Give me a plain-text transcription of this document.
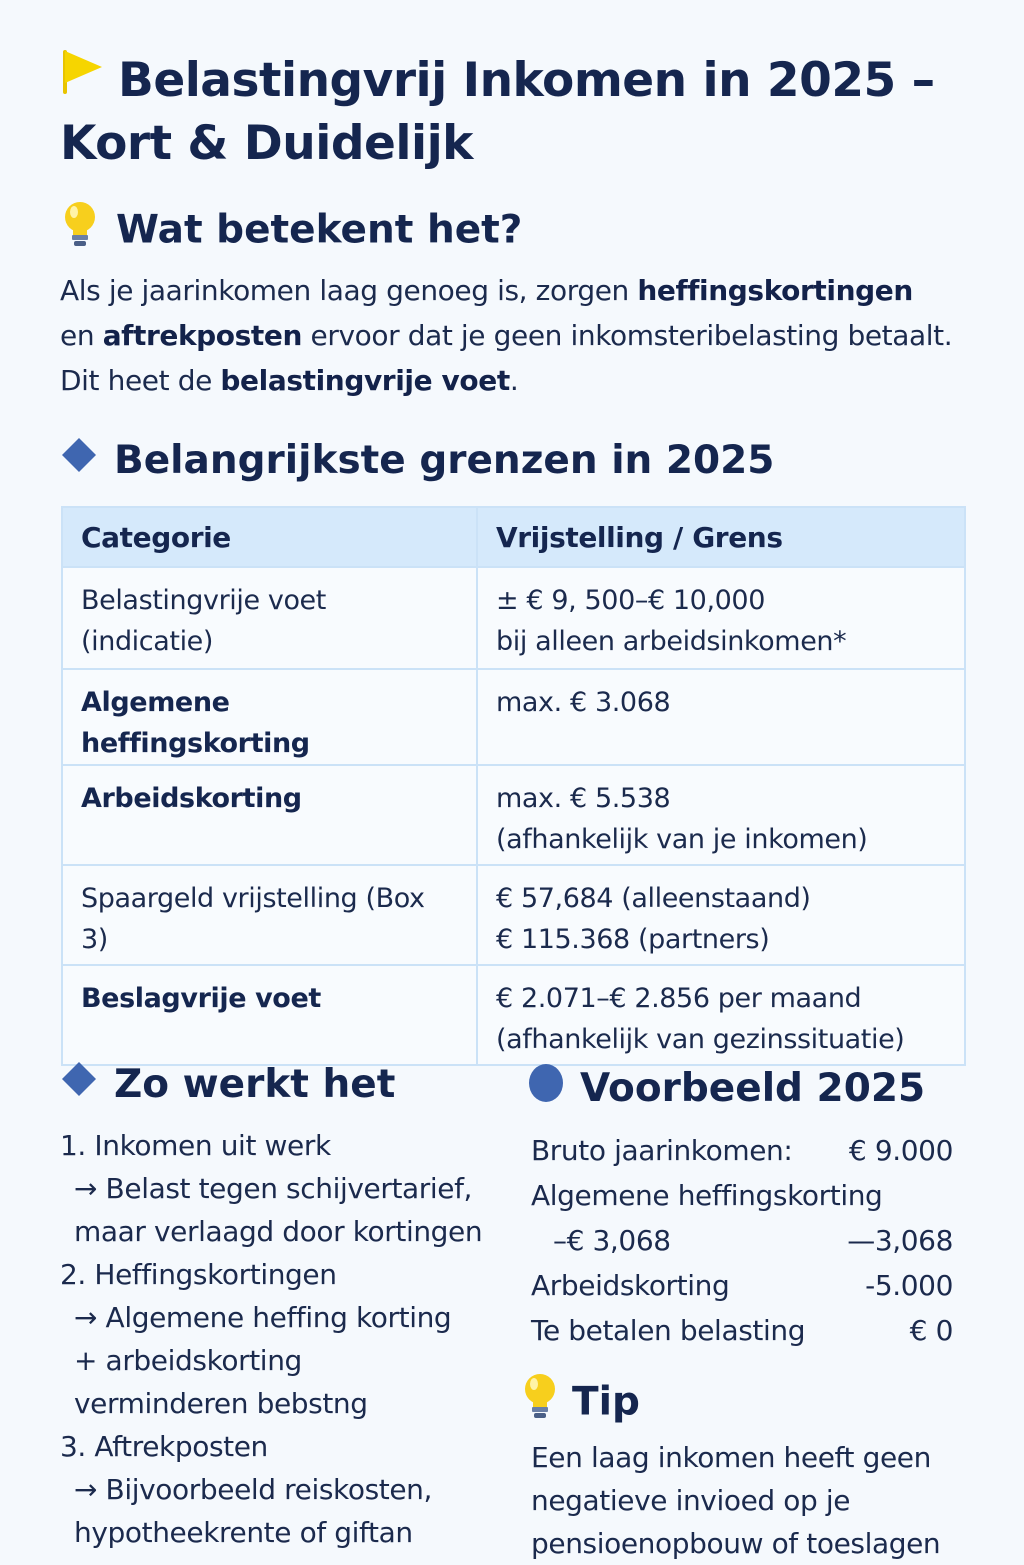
Belastingvrij Inkomen in 2025 –
Kort & Duidelijk
Wat betekent het?
Als je jaarinkomen laag genoeg is, zorgen heffingskortingen
en aftrekposten ervoor dat je geen inkomsteribelasting betaalt.
Dit heet de belastingvrije voet.
Belangrijkste grenzen in 2025
Categorie	Vrijstelling / Grens
Belastingvrije voet (indicatie)	± € 9, 500–€ 10,000
bij alleen arbeidsinkomen*
Algemene heffingskorting	max. € 3.068
Arbeidskorting	max. € 5.538
(afhankelijk van je inkomen)
Spaargeld vrijstelling (Box 3)	€ 57,684 (alleenstaand)
€ 115.368 (partners)
Beslagvrije voet	€ 2.071–€ 2.856 per maand
(afhankelijk van gezinssituatie)
Zo werkt het
1. Inkomen uit werk
→ Belast tegen schijvertarief,
maar verlaagd door kortingen
2. Heffingskortingen
→ Algemene heffing korting
+ arbeidskorting
verminderen bebstng
3. Aftrekposten
→ Bijvoorbeeld reiskosten,
hypotheekrente of giftan
Voorbeeld 2025
Bruto jaarinkomen: € 9.000
Algemene heffingskorting
–€ 3,068	—3,068
Arbeidskorting	-5.000
Te betalen belasting	€ 0
Tip
Een laag inkomen heeft geen
negatieve invioed op je
pensioenopbouw of toeslagen
